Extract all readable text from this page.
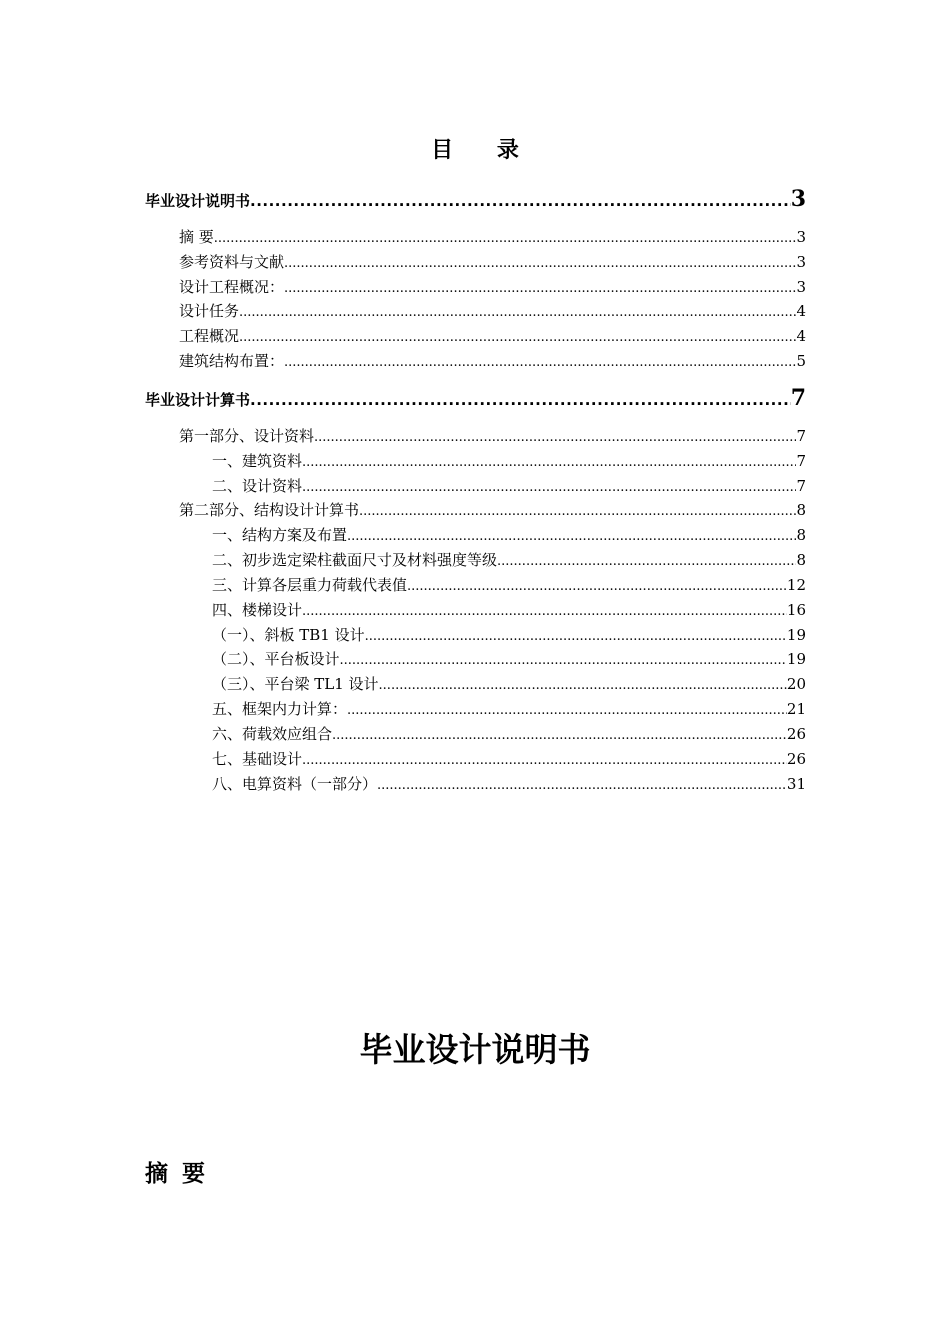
目 录
毕业设计说明书 .....	3
摘 要 .....	3
参考资料与文献 .....	3
设计工程概况： .....	3
设计任务 .....	4
工程概况 .....	4
建筑结构布置： .....	5
毕业设计计算书 .....	7
第一部分、设计资料 .....	7
一、建筑资料 .....	7
二、设计资料 .....	7
第二部分、结构设计计算书 .....	8
一、结构方案及布置 .....	8
二、初步选定梁柱截面尺寸及材料强度等级 .....	8
三、计算各层重力荷载代表值 .....	12
四、楼梯设计 .....	16
（一）、斜板 TB1 设计 .....	19
（二）、平台板设计 .....	19
（三）、平台梁 TL1 设计 .....	20
五、框架内力计算： .....	21
六、荷载效应组合 .....	26
七、基础设计 .....	26
八、电算资料（一部分） .....	31
毕业设计说明书
摘 要
